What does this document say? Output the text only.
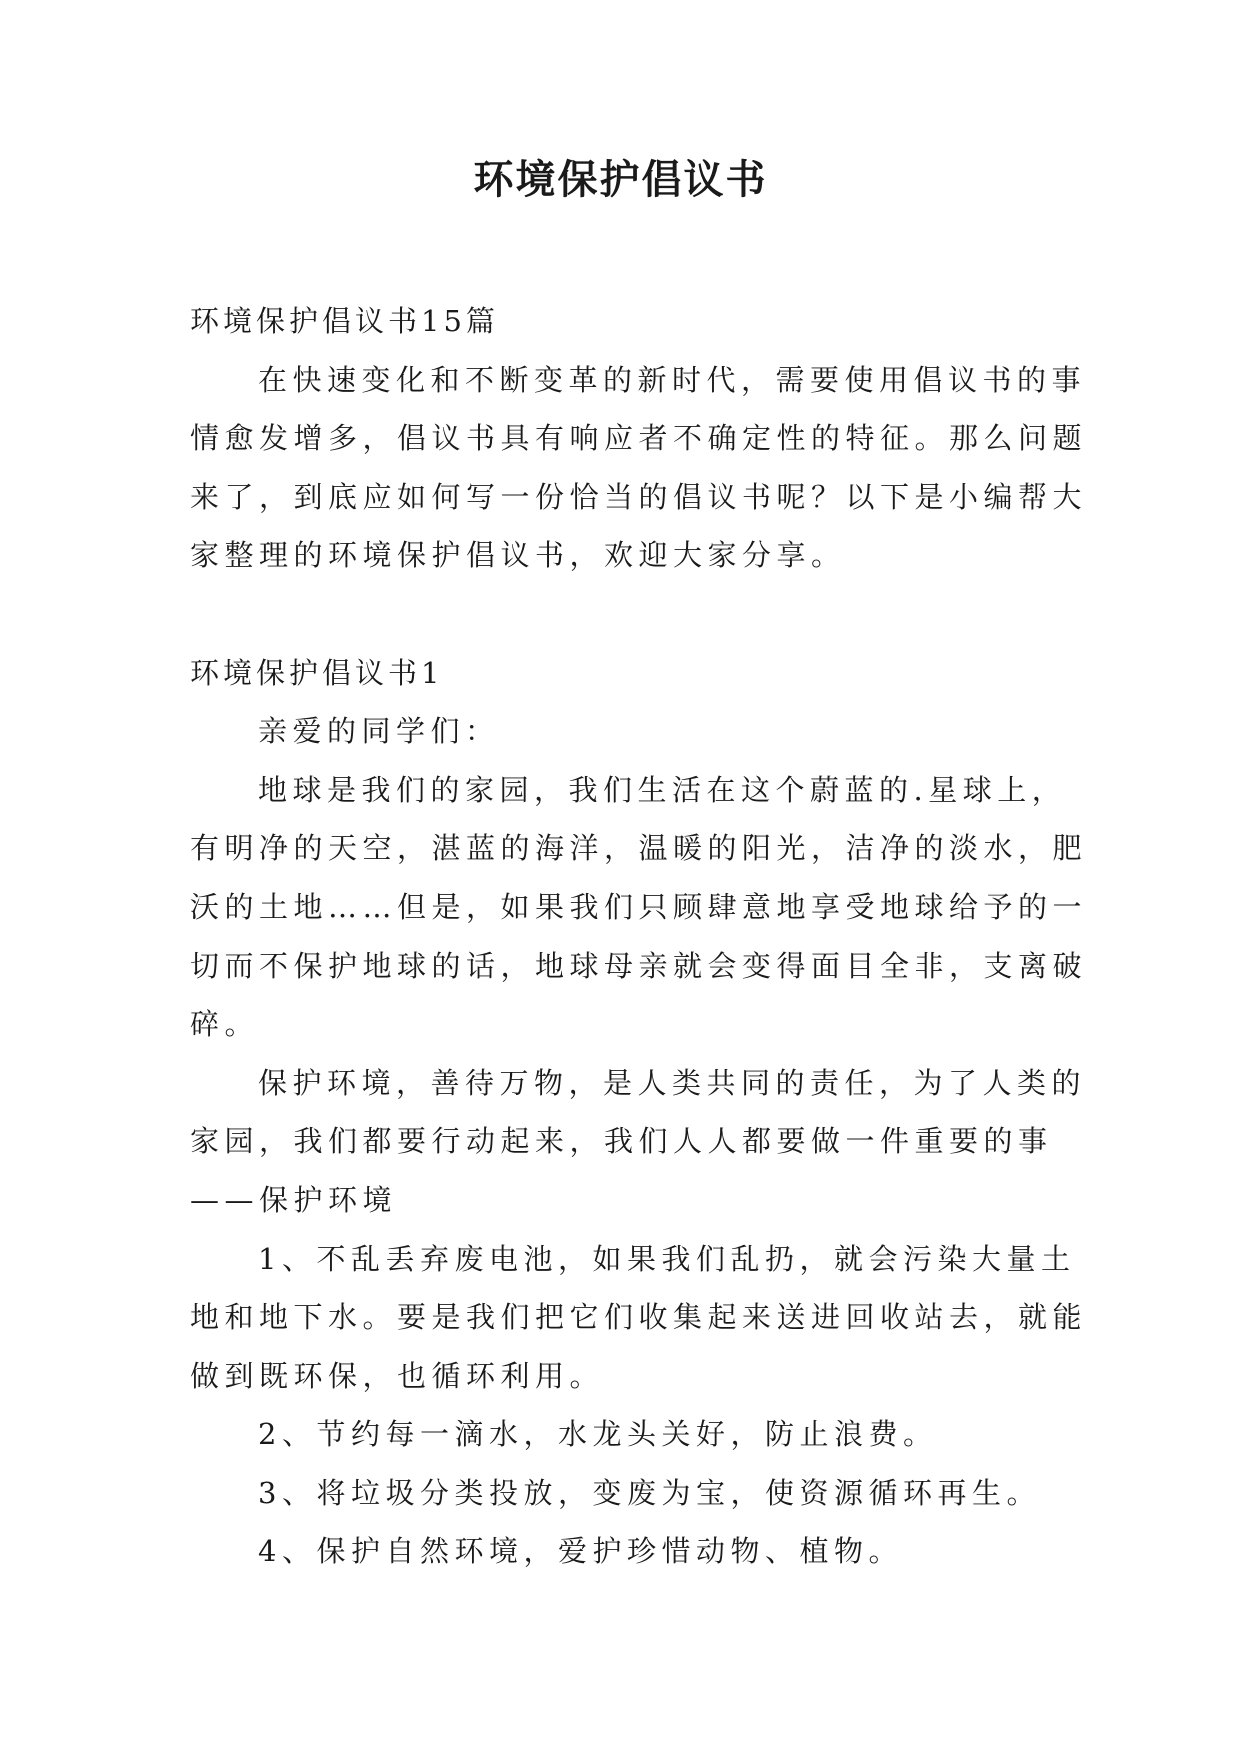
环境保护倡议书
环境保护倡议书15篇
在快速变化和不断变革的新时代，需要使用倡议书的事
情愈发增多，倡议书具有响应者不确定性的特征。那么问题
来了，到底应如何写一份恰当的倡议书呢？以下是小编帮大
家整理的环境保护倡议书，欢迎大家分享。
环境保护倡议书1
亲爱的同学们：
地球是我们的家园，我们生活在这个蔚蓝的.星球上，
有明净的天空，湛蓝的海洋，温暖的阳光，洁净的淡水，肥
沃的土地……但是，如果我们只顾肆意地享受地球给予的一
切而不保护地球的话，地球母亲就会变得面目全非，支离破
碎。
保护环境，善待万物，是人类共同的责任，为了人类的
家园，我们都要行动起来，我们人人都要做一件重要的事
——保护环境
1、不乱丢弃废电池，如果我们乱扔，就会污染大量土
地和地下水。要是我们把它们收集起来送进回收站去，就能
做到既环保，也循环利用。
2、节约每一滴水，水龙头关好，防止浪费。
3、将垃圾分类投放，变废为宝，使资源循环再生。
4、保护自然环境，爱护珍惜动物、植物。
